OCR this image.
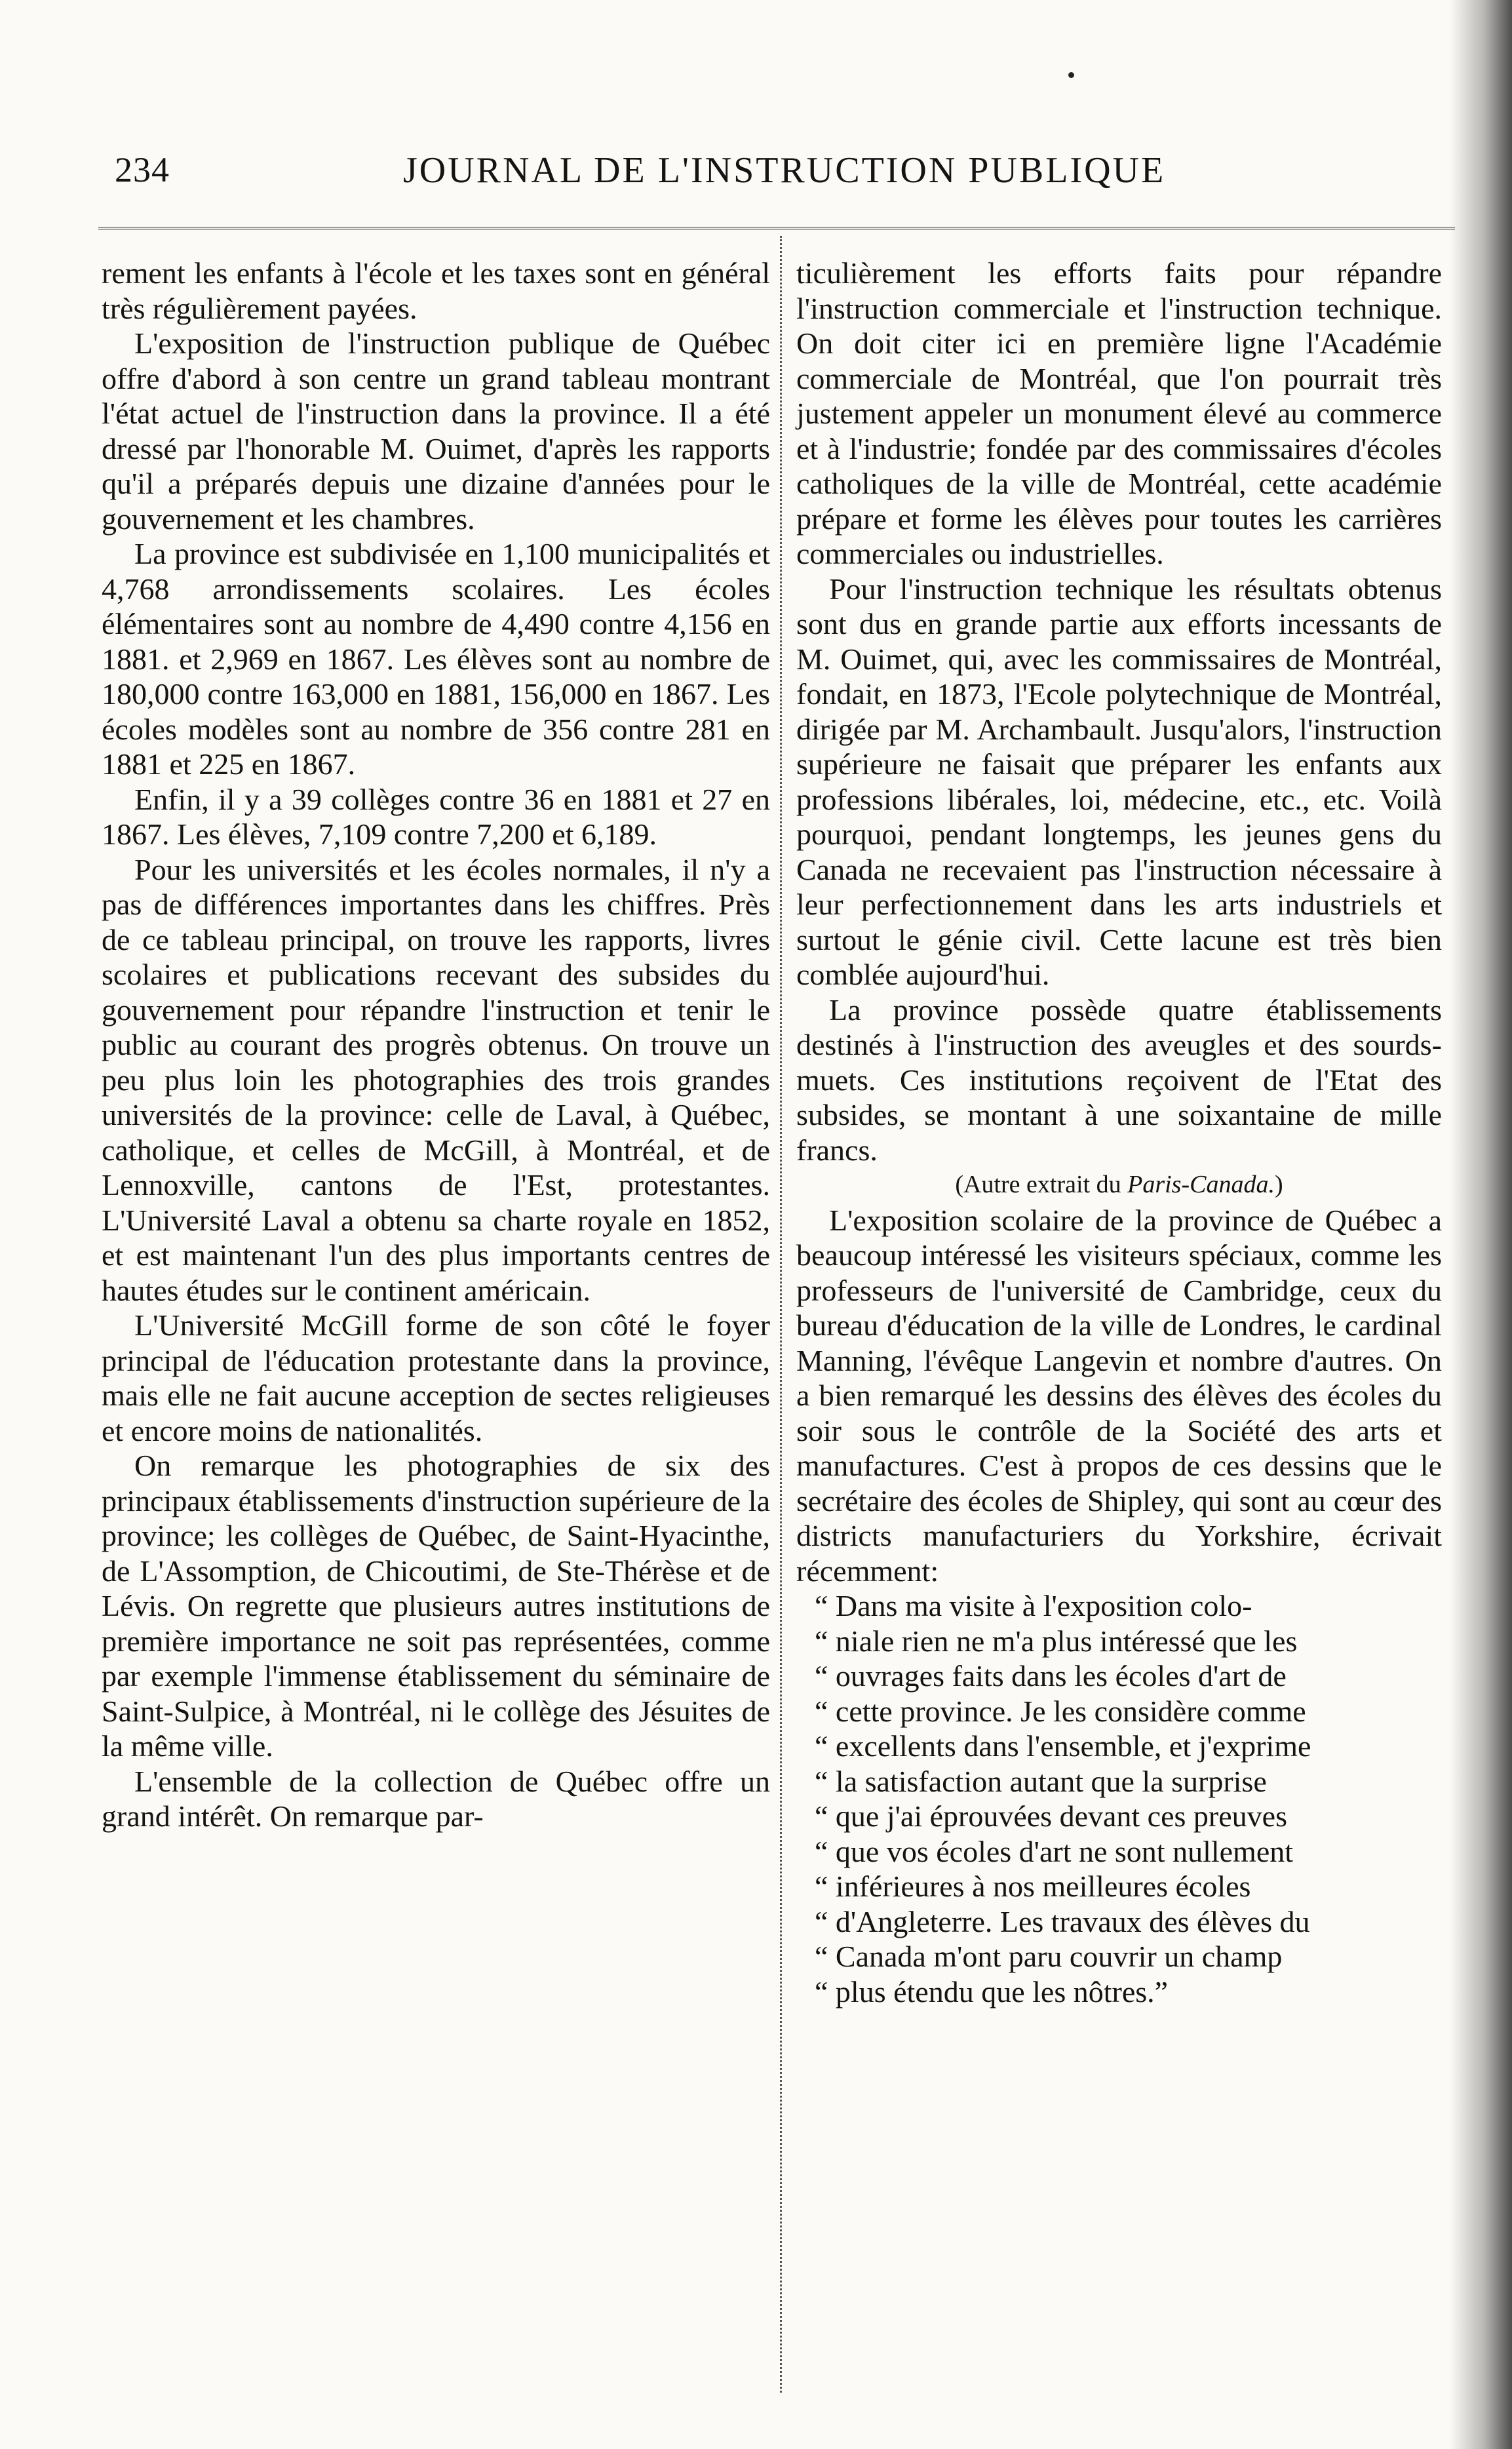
234	JOURNAL DE L'INSTRUCTION PUBLIQUE

rement les enfants à l'école et les taxes sont en général très régulièrement payées.

L'exposition de l'instruction publique de Québec offre d'abord à son centre un grand tableau montrant l'état actuel de l'instruction dans la province. Il a été dressé par l'honorable M. Ouimet, d'après les rapports qu'il a préparés depuis une dizaine d'années pour le gouvernement et les chambres.

La province est subdivisée en 1,100 municipalités et 4,768 arrondissements scolaires. Les écoles élémentaires sont au nombre de 4,490 contre 4,156 en 1881. et 2,969 en 1867. Les élèves sont au nombre de 180,000 contre 163,000 en 1881, 156,000 en 1867. Les écoles modèles sont au nombre de 356 contre 281 en 1881 et 225 en 1867.

Enfin, il y a 39 collèges contre 36 en 1881 et 27 en 1867. Les élèves, 7,109 contre 7,200 et 6,189.

Pour les universités et les écoles normales, il n'y a pas de différences importantes dans les chiffres. Près de ce tableau principal, on trouve les rapports, livres scolaires et publications recevant des subsides du gouvernement pour répandre l'instruction et tenir le public au courant des progrès obtenus. On trouve un peu plus loin les photographies des trois grandes universités de la province: celle de Laval, à Québec, catholique, et celles de McGill, à Montréal, et de Lennoxville, cantons de l'Est, protestantes. L'Université Laval a obtenu sa charte royale en 1852, et est maintenant l'un des plus importants centres de hautes études sur le continent américain.

L'Université McGill forme de son côté le foyer principal de l'éducation protestante dans la province, mais elle ne fait aucune acception de sectes religieuses et encore moins de nationalités.

On remarque les photographies de six des principaux établissements d'instruction supérieure de la province; les collèges de Québec, de Saint-Hyacinthe, de L'Assomption, de Chicoutimi, de Ste-Thérèse et de Lévis. On regrette que plusieurs autres institutions de première importance ne soit pas représentées, comme par exemple l'immense établissement du séminaire de Saint-Sulpice, à Montréal, ni le collège des Jésuites de la même ville.

L'ensemble de la collection de Québec offre un grand intérêt. On remarque par-

ticulièrement les efforts faits pour répandre l'instruction commerciale et l'instruction technique. On doit citer ici en première ligne l'Académie commerciale de Montréal, que l'on pourrait très justement appeler un monument élevé au commerce et à l'industrie; fondée par des commissaires d'écoles catholiques de la ville de Montréal, cette académie prépare et forme les élèves pour toutes les carrières commerciales ou industrielles.

Pour l'instruction technique les résultats obtenus sont dus en grande partie aux efforts incessants de M. Ouimet, qui, avec les commissaires de Montréal, fondait, en 1873, l'Ecole polytechnique de Montréal, dirigée par M. Archambault. Jusqu'alors, l'instruction supérieure ne faisait que préparer les enfants aux professions libérales, loi, médecine, etc., etc. Voilà pourquoi, pendant longtemps, les jeunes gens du Canada ne recevaient pas l'instruction nécessaire à leur perfectionnement dans les arts industriels et surtout le génie civil. Cette lacune est très bien comblée aujourd'hui.

La province possède quatre établissements destinés à l'instruction des aveugles et des sourds-muets. Ces institutions reçoivent de l'Etat des subsides, se montant à une soixantaine de mille francs.

(Autre extrait du Paris-Canada.)

L'exposition scolaire de la province de Québec a beaucoup intéressé les visiteurs spéciaux, comme les professeurs de l'université de Cambridge, ceux du bureau d'éducation de la ville de Londres, le cardinal Manning, l'évêque Langevin et nombre d'autres. On a bien remarqué les dessins des élèves des écoles du soir sous le contrôle de la Société des arts et manufactures. C'est à propos de ces dessins que le secrétaire des écoles de Shipley, qui sont au cœur des districts manufacturiers du Yorkshire, écrivait récemment:

“ Dans ma visite à l'exposition colo-

“ niale rien ne m'a plus intéressé que les

“ ouvrages faits dans les écoles d'art de

“ cette province. Je les considère comme

“ excellents dans l'ensemble, et j'exprime

“ la satisfaction autant que la surprise

“ que j'ai éprouvées devant ces preuves

“ que vos écoles d'art ne sont nullement

“ inférieures à nos meilleures écoles

“ d'Angleterre. Les travaux des élèves du

“ Canada m'ont paru couvrir un champ

“ plus étendu que les nôtres.”
